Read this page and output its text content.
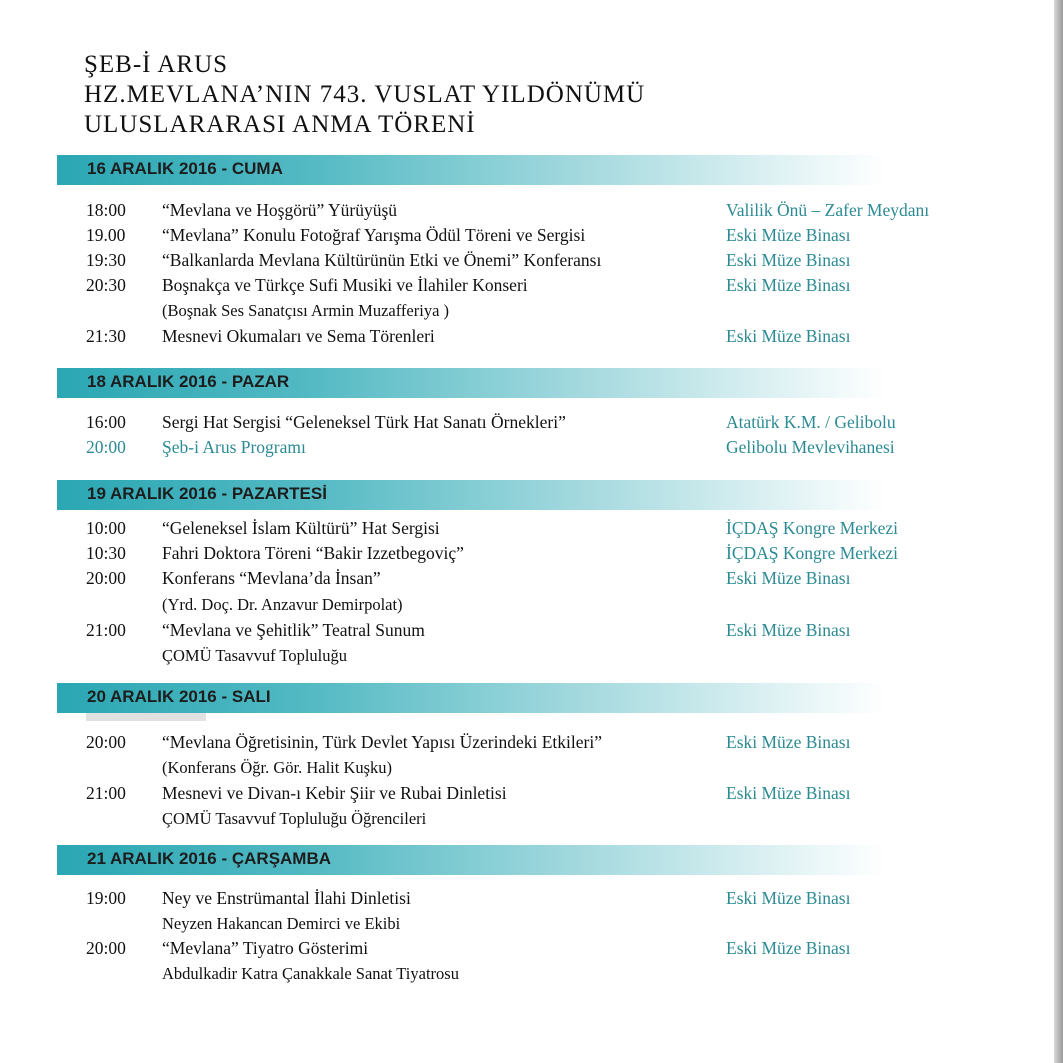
ŞEB-İ ARUS
HZ.MEVLANA’NIN 743. VUSLAT YILDÖNÜMÜ
ULUSLARARASI ANMA TÖRENİ
16 ARALIK 2016 - CUMA
18:00 “Mevlana ve Hoşgörü” Yürüyüşü	Valilik Önü – Zafer Meydanı
19.00 “Mevlana” Konulu Fotoğraf Yarışma Ödül Töreni ve Sergisi	Eski Müze Binası
19:30 “Balkanlarda Mevlana Kültürünün Etki ve Önemi” Konferansı	Eski Müze Binası
20:30 Boşnakça ve Türkçe Sufi Musiki ve İlahiler Konseri	Eski Müze Binası
(Boşnak Ses Sanatçısı Armin Muzafferiya )
21:30 Mesnevi Okumaları ve Sema Törenleri	Eski Müze Binası
18 ARALIK 2016 - PAZAR
16:00 Sergi Hat Sergisi “Geleneksel Türk Hat Sanatı Örnekleri”	Atatürk K.M. / Gelibolu
20:00 Şeb-i Arus Programı	Gelibolu Mevlevihanesi
19 ARALIK 2016 - PAZARTESİ
10:00 “Geleneksel İslam Kültürü” Hat Sergisi	İÇDAŞ Kongre Merkezi
10:30 Fahri Doktora Töreni “Bakir Izzetbegoviç”	İÇDAŞ Kongre Merkezi
20:00 Konferans “Mevlana’da İnsan”	Eski Müze Binası
(Yrd. Doç. Dr. Anzavur Demirpolat)
21:00 “Mevlana ve Şehitlik” Teatral Sunum	Eski Müze Binası
ÇOMÜ Tasavvuf Topluluğu
20 ARALIK 2016 - SALI
20:00 “Mevlana Öğretisinin, Türk Devlet Yapısı Üzerindeki Etkileri”	Eski Müze Binası
(Konferans Öğr. Gör. Halit Kuşku)
21:00 Mesnevi ve Divan-ı Kebir Şiir ve Rubai Dinletisi	Eski Müze Binası
ÇOMÜ Tasavvuf Topluluğu Öğrencileri
21 ARALIK 2016 - ÇARŞAMBA
19:00 Ney ve Enstrümantal İlahi Dinletisi	Eski Müze Binası
Neyzen Hakancan Demirci ve Ekibi
20:00 “Mevlana” Tiyatro Gösterimi	Eski Müze Binası
Abdulkadir Katra Çanakkale Sanat Tiyatrosu
